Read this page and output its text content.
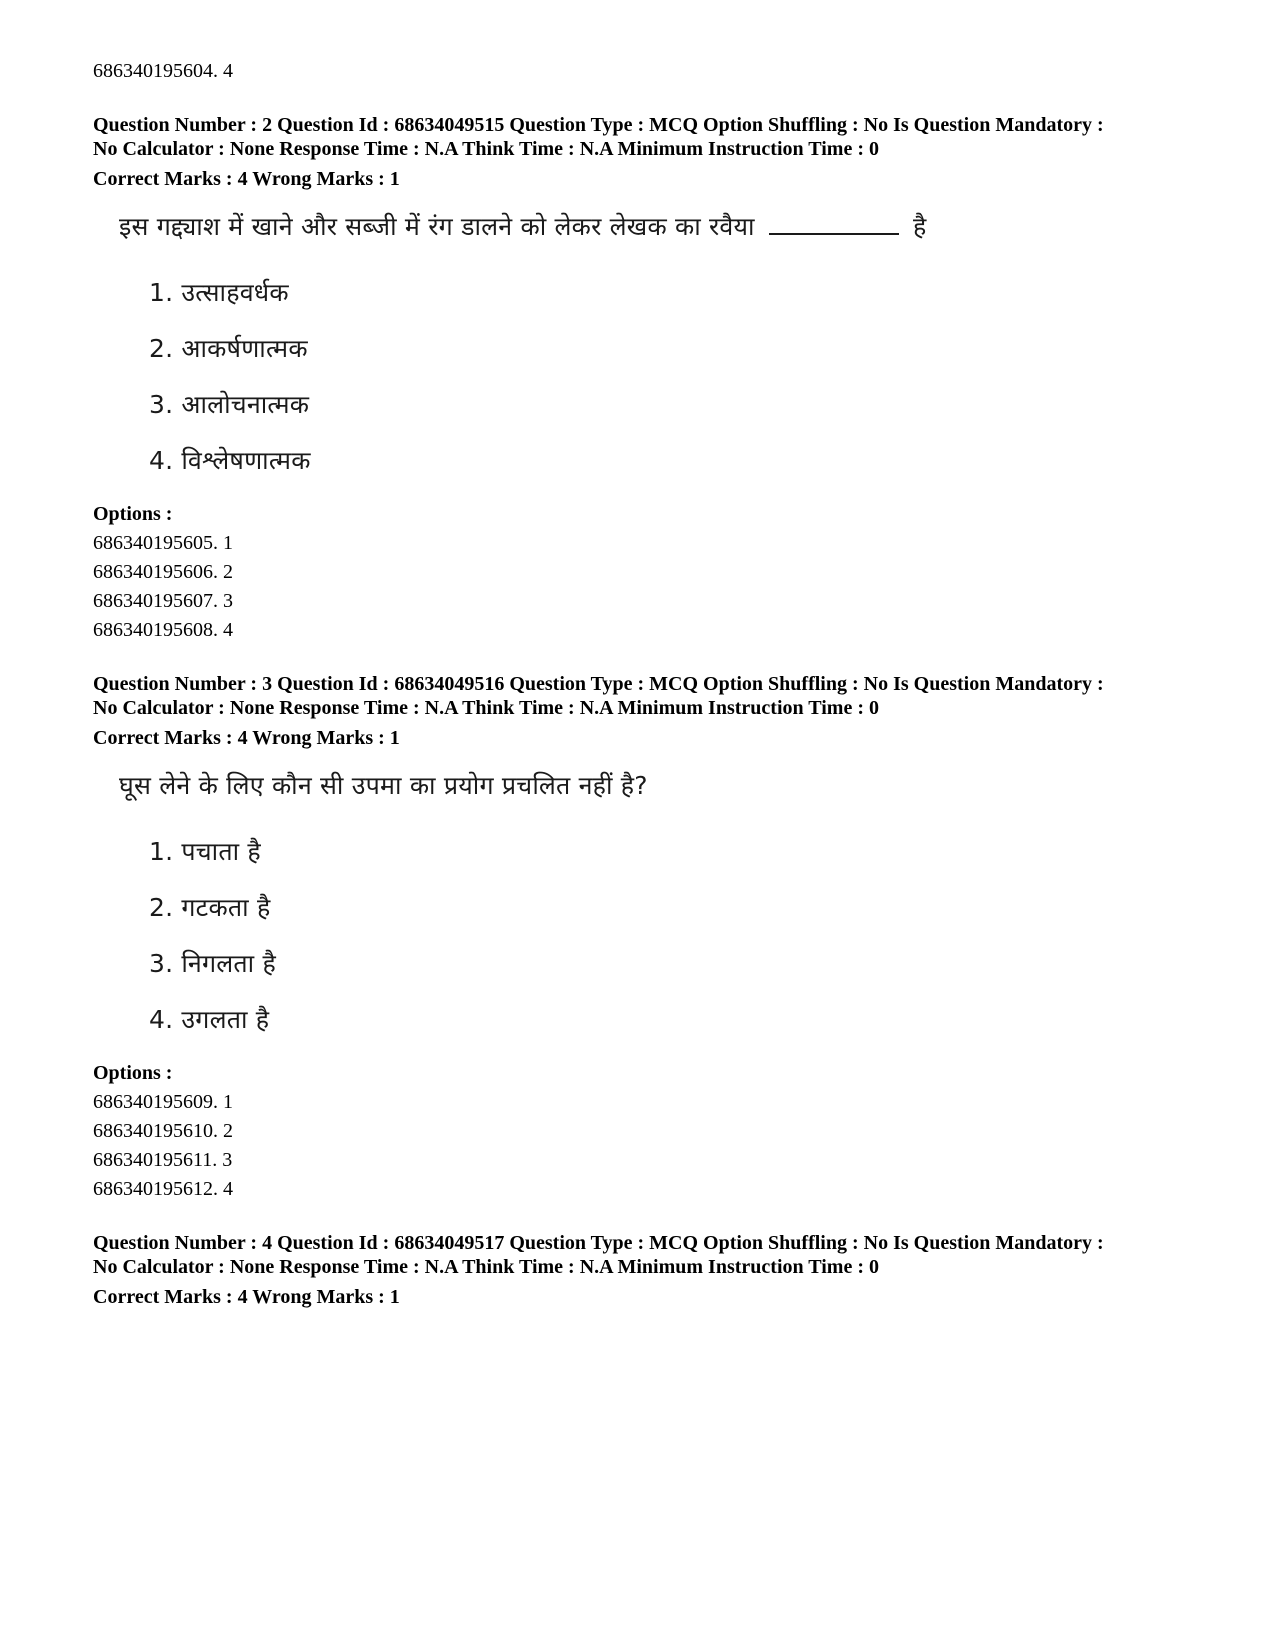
686340195604. 4
Question Number : 2 Question Id : 68634049515 Question Type : MCQ Option Shuffling : No Is Question Mandatory :
No Calculator : None Response Time : N.A Think Time : N.A Minimum Instruction Time : 0
Correct Marks : 4 Wrong Marks : 1
इस गद्द्याश में खाने और सब्जी में रंग डालने को लेकर लेखक का रवैया	है
1. उत्साहवर्धक
2. आकर्षणात्मक
3. आलोचनात्मक
4. विश्लेषणात्मक
Options :
686340195605. 1
686340195606. 2
686340195607. 3
686340195608. 4
Question Number : 3 Question Id : 68634049516 Question Type : MCQ Option Shuffling : No Is Question Mandatory :
No Calculator : None Response Time : N.A Think Time : N.A Minimum Instruction Time : 0
Correct Marks : 4 Wrong Marks : 1
घूस लेने के लिए कौन सी उपमा का प्रयोग प्रचलित नहीं है?
1. पचाता है
2. गटकता है
3. निगलता है
4. उगलता है
Options :
686340195609. 1
686340195610. 2
686340195611. 3
686340195612. 4
Question Number : 4 Question Id : 68634049517 Question Type : MCQ Option Shuffling : No Is Question Mandatory :
No Calculator : None Response Time : N.A Think Time : N.A Minimum Instruction Time : 0
Correct Marks : 4 Wrong Marks : 1
